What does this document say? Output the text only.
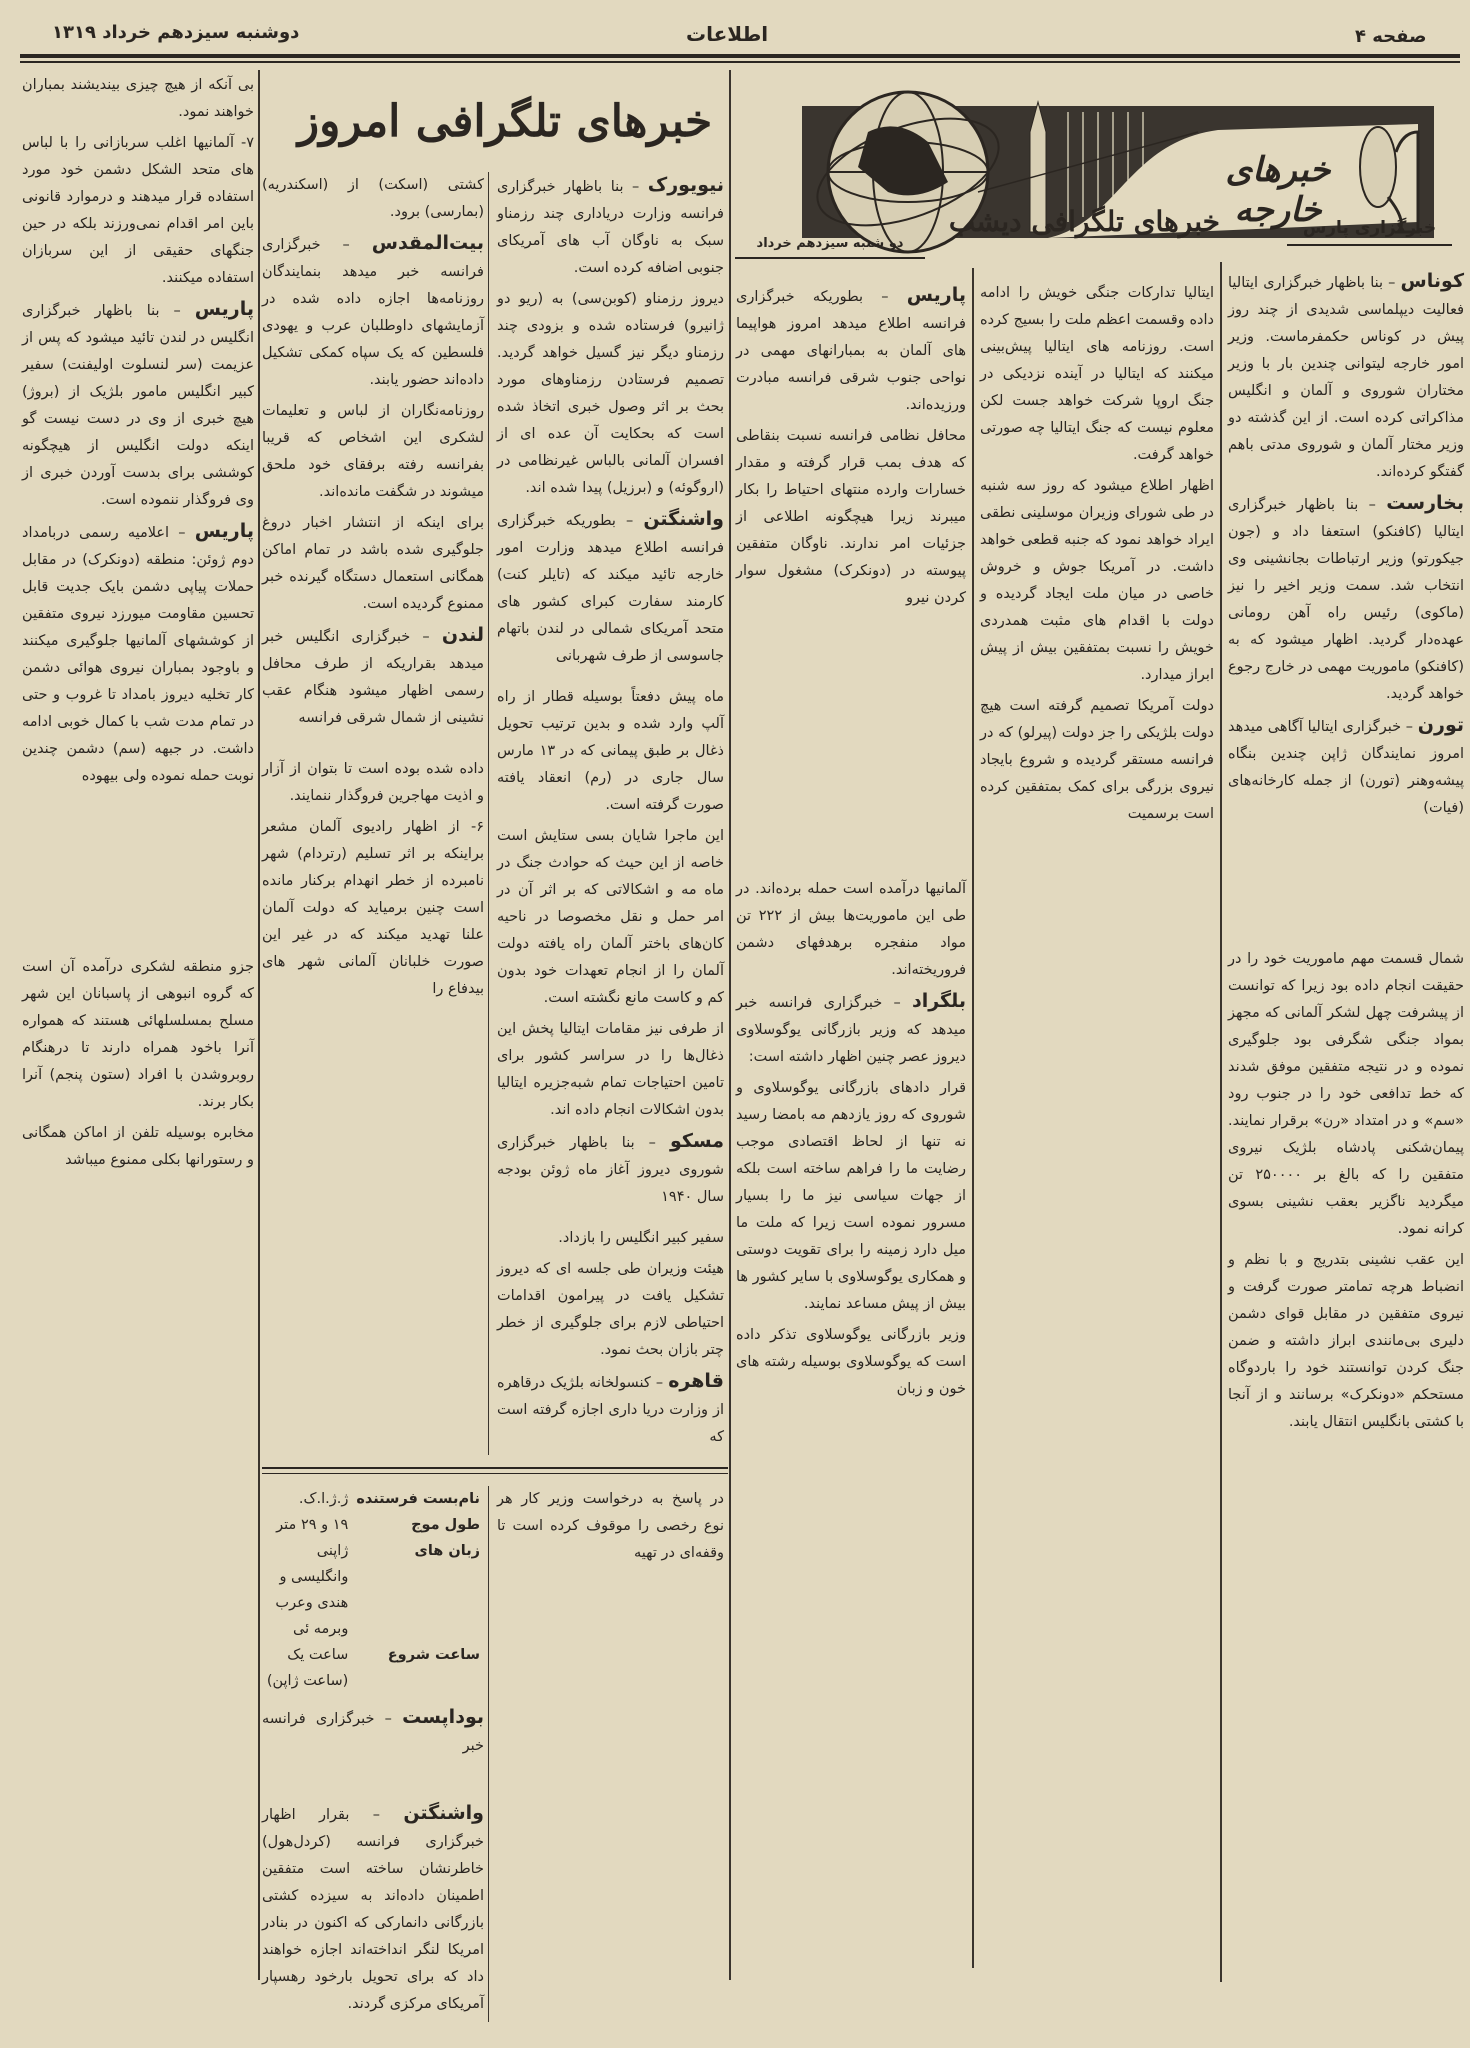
دوشنبه سیزدهم خرداد ۱۳۱۹	اطلاعات	صفحه ۴
خبرهای خارجه
خبرگزاری پارس
خبرهای تلگرافی دیشب
دو شنبه سیزدهم خرداد
خبرهای تلگرافی امروز

کوناس – بنا باظهار خبرگزاری ایتالیا فعالیت دیپلماسی شدیدی از چند روز پیش در کوناس حکمفرماست. وزیر امور خارجه لیتوانی چندین بار با وزیر مختاران شوروی و آلمان و انگلیس مذاکراتی کرده است. از این گذشته دو وزیر مختار آلمان و شوروی مدتی باهم گفتگو کرده‌اند.

بخارست – بنا باظهار خبرگزاری ایتالیا (کافنکو) استعفا داد و (جون جیکورتو) وزیر ارتباطات بجانشینی وی انتخاب شد. سمت وزیر اخیر را نیز (ماکوی) رئیس راه آهن رومانی عهده‌دار گردید. اظهار میشود که به (کافنکو) ماموریت مهمی در خارج رجوع خواهد گردید.

تورن – خبرگزاری ایتالیا آگاهی میدهد امروز نمایندگان ژاپن چندین بنگاه پیشه‌وهنر (تورن) از جمله کارخانه‌های (فیات)

شمال قسمت مهم ماموریت خود را در حقیقت انجام داده بود زیرا که توانست از پیشرفت چهل لشکر آلمانی که مجهز بمواد جنگی شگرفی بود جلوگیری نموده و در نتیجه متفقین موفق شدند که خط تدافعی خود را در جنوب رود «سم» و در امتداد «رن» برقرار نمایند. پیمان‌شکنی پادشاه بلژیک نیروی متفقین را که بالغ بر ۲۵۰۰۰۰ تن میگردید ناگزیر بعقب نشینی بسوی کرانه نمود.

این عقب نشینی بتدریج و با نظم و انضباط هرچه تمامتر صورت گرفت و نیروی متفقین در مقابل قوای دشمن دلیری بی‌مانندی ابراز داشته و ضمن جنگ کردن توانستند خود را باردوگاه مستحکم «دونکرک» برسانند و از آنجا با کشتی بانگلیس انتقال یابند.

ایتالیا تدارکات جنگی خویش را ادامه داده وقسمت اعظم ملت را بسیج کرده است. روزنامه های ایتالیا پیش‌بینی میکنند که ایتالیا در آینده نزدیکی در جنگ اروپا شرکت خواهد جست لکن معلوم نیست که جنگ ایتالیا چه صورتی خواهد گرفت.

اظهار اطلاع میشود که روز سه شنبه در طی شورای وزیران موسلینی نطقی ایراد خواهد نمود که جنبه قطعی خواهد داشت. در آمریکا جوش و خروش خاصی در میان ملت ایجاد گردیده و دولت با اقدام های مثبت همدردی خویش را نسبت بمتفقین بیش از پیش ابراز میدارد.

دولت آمریکا تصمیم گرفته است هیچ دولت بلژیکی را جز دولت (پیرلو) که در فرانسه مستقر گردیده و شروع بایجاد نیروی بزرگی برای کمک بمتفقین کرده است برسمیت

پاریس – بطوریکه خبرگزاری فرانسه اطلاع میدهد امروز هواپیما های آلمان به بمبارانهای مهمی در نواحی جنوب شرقی فرانسه مبادرت ورزیده‌اند.

محافل نظامی فرانسه نسبت بنقاطی که هدف بمب قرار گرفته و مقدار خسارات وارده منتهای احتیاط را بکار میبرند زیرا هیچگونه اطلاعی از جزئیات امر ندارند. ناوگان متفقین پیوسته در (دونکرک) مشغول سوار کردن نیرو

آلمانیها درآمده است حمله برده‌اند. در طی این ماموریت‌ها بیش از ۲۲۲ تن مواد منفجره برهدفهای دشمن فروریخته‌اند.

بلگراد – خبرگزاری فرانسه خبر میدهد که وزیر بازرگانی یوگوسلاوی دیروز عصر چنین اظهار داشته است:

قرار دادهای بازرگانی یوگوسلاوی و شوروی که روز یازدهم مه بامضا رسید نه تنها از لحاظ اقتصادی موجب رضایت ما را فراهم ساخته است بلکه از جهات سیاسی نیز ما را بسیار مسرور نموده است زیرا که ملت ما میل دارد زمینه را برای تقویت دوستی و همکاری یوگوسلاوی با سایر کشور ها بیش از پیش مساعد نمایند.

وزیر بازرگانی یوگوسلاوی تذکر داده است که یوگوسلاوی بوسیله رشته های خون و زبان

کشتی (اسکت) از (اسکندریه) (بمارسی) برود.

بیت‌المقدس – خبرگزاری فرانسه خبر میدهد بنمایندگان روزنامه‌ها اجازه داده شده در آزمایشهای داوطلبان عرب و یهودی فلسطین که یک سپاه کمکی تشکیل داده‌اند حضور یابند.

روزنامه‌نگاران از لباس و تعلیمات لشکری این اشخاص که قریبا بفرانسه رفته برفقای خود ملحق میشوند در شگفت مانده‌اند.

برای اینکه از انتشار اخبار دروغ جلوگیری شده باشد در تمام اماکن همگانی استعمال دستگاه گیرنده خبر ممنوع گردیده است.

لندن – خبرگزاری انگلیس خبر میدهد بقراریکه از طرف محافل رسمی اظهار میشود هنگام عقب نشینی از شمال شرقی فرانسه

داده شده بوده است تا بتوان از آزار و اذیت مهاجرین فروگذار ننمایند.

۶- از اظهار رادیوی آلمان مشعر براینکه بر اثر تسلیم (رتردام) شهر نامبرده از خطر انهدام برکنار مانده است چنین برمیاید که دولت آلمان علنا تهدید میکند که در غیر این صورت خلبانان آلمانی شهر های بیدفاع را

نیویورک – بنا باظهار خبرگزاری فرانسه وزارت دریاداری چند رزمناو سبک به ناوگان آب های آمریکای جنوبی اضافه کرده است.

دیروز رزمناو (کوبن‌سی) به (ریو دو ژانیرو) فرستاده شده و بزودی چند رزمناو دیگر نیز گسیل خواهد گردید. تصمیم فرستادن رزمناوهای مورد بحث بر اثر وصول خبری اتخاذ شده است که بحکایت آن عده ای از افسران آلمانی بالباس غیرنظامی در (اروگوئه) و (برزیل) پیدا شده اند.

واشنگتن – بطوریکه خبرگزاری فرانسه اطلاع میدهد وزارت امور خارجه تائید میکند که (تایلر کنت) کارمند سفارت کبرای کشور های متحد آمریکای شمالی در لندن باتهام جاسوسی از طرف شهربانی

ماه پیش دفعتاً بوسیله قطار از راه آلپ وارد شده و بدین ترتیب تحویل ذغال بر طبق پیمانی که در ۱۳ مارس سال جاری در (رم) انعقاد یافته صورت گرفته است.

این ماجرا شایان بسی ستایش است خاصه از این حیث که حوادث جنگ در ماه مه و اشکالاتی که بر اثر آن در امر حمل و نقل مخصوصا در ناحیه کان‌های باختر آلمان راه یافته دولت آلمان را از انجام تعهدات خود بدون کم و کاست مانع نگشته است.

از طرفی نیز مقامات ایتالیا پخش این ذغال‌ها را در سراسر کشور برای تامین احتیاجات تمام شبه‌جزیره ایتالیا بدون اشکالات انجام داده اند.

مسکو – بنا باظهار خبرگزاری شوروی دیروز آغاز ماه ژوئن بودجه سال ۱۹۴۰

سفیر کبیر انگلیس را بازداد.

هیئت وزیران طی جلسه ای که دیروز تشکیل یافت در پیرامون اقدامات احتیاطی لازم برای جلوگیری از خطر چتر بازان بحث نمود.

قاهره – کنسولخانه بلژیک درقاهره از وزارت دریا داری اجازه گرفته است که

نام‌بست فرستنده	ژ.ژ.ا.ک.
طول موج	۱۹ و ۲۹ متر
زبان های	ژاپنی وانگلیسی و هندی وعرب وبرمه ئی
ساعت شروع	ساعت یک (ساعت ژاپن)

بوداپست – خبرگزاری فرانسه خبر

واشنگتن – بقرار اظهار خبرگزاری فرانسه (کردل‌هول) خاطرنشان ساخته است متفقین اطمینان داده‌اند به سیزده کشتی بازرگانی دانمارکی که اکنون در بنادر امریکا لنگر انداخته‌اند اجازه خواهند داد که برای تحویل بارخود رهسپار آمریکای مرکزی گردند.

در پاسخ به درخواست وزیر کار هر نوع رخصی را موقوف کرده است تا وقفه‌ای در تهیه

بی آنکه از هیچ چیزی بیندیشند بمباران خواهند نمود.

۷- آلمانیها اغلب سربازانی را با لباس های متحد الشکل دشمن خود مورد استفاده قرار میدهند و درموارد قانونی باین امر اقدام نمی‌ورزند بلکه در حین جنگهای حقیقی از این سربازان استفاده میکنند.

پاریس – بنا باظهار خبرگزاری انگلیس در لندن تائید میشود که پس از عزیمت (سر لنسلوت اولیفنت) سفیر کبیر انگلیس مامور بلژیک از (بروژ) هیچ خبری از وی در دست نیست گو اینکه دولت انگلیس از هیچگونه کوششی برای بدست آوردن خبری از وی فروگذار ننموده است.

پاریس – اعلامیه رسمی دربامداد دوم ژوئن: منطقه (دونکرک) در مقابل حملات پیاپی دشمن بایک جدیت قابل تحسین مقاومت میورزد نیروی متفقین از کوششهای آلمانیها جلوگیری میکنند و باوجود بمباران نیروی هوائی دشمن کار تخلیه دیروز بامداد تا غروب و حتی در تمام مدت شب با کمال خوبی ادامه داشت. در جبهه (سم) دشمن چندین نوبت حمله نموده ولی بیهوده

جزو منطقه لشکری درآمده آن است که گروه انبوهی از پاسبانان این شهر مسلح بمسلسلهائی هستند که همواره آنرا باخود همراه دارند تا درهنگام روبروشدن با افراد (ستون پنجم) آنرا بکار برند.

مخابره بوسیله تلفن از اماکن همگانی و رستورانها بکلی ممنوع میباشد
